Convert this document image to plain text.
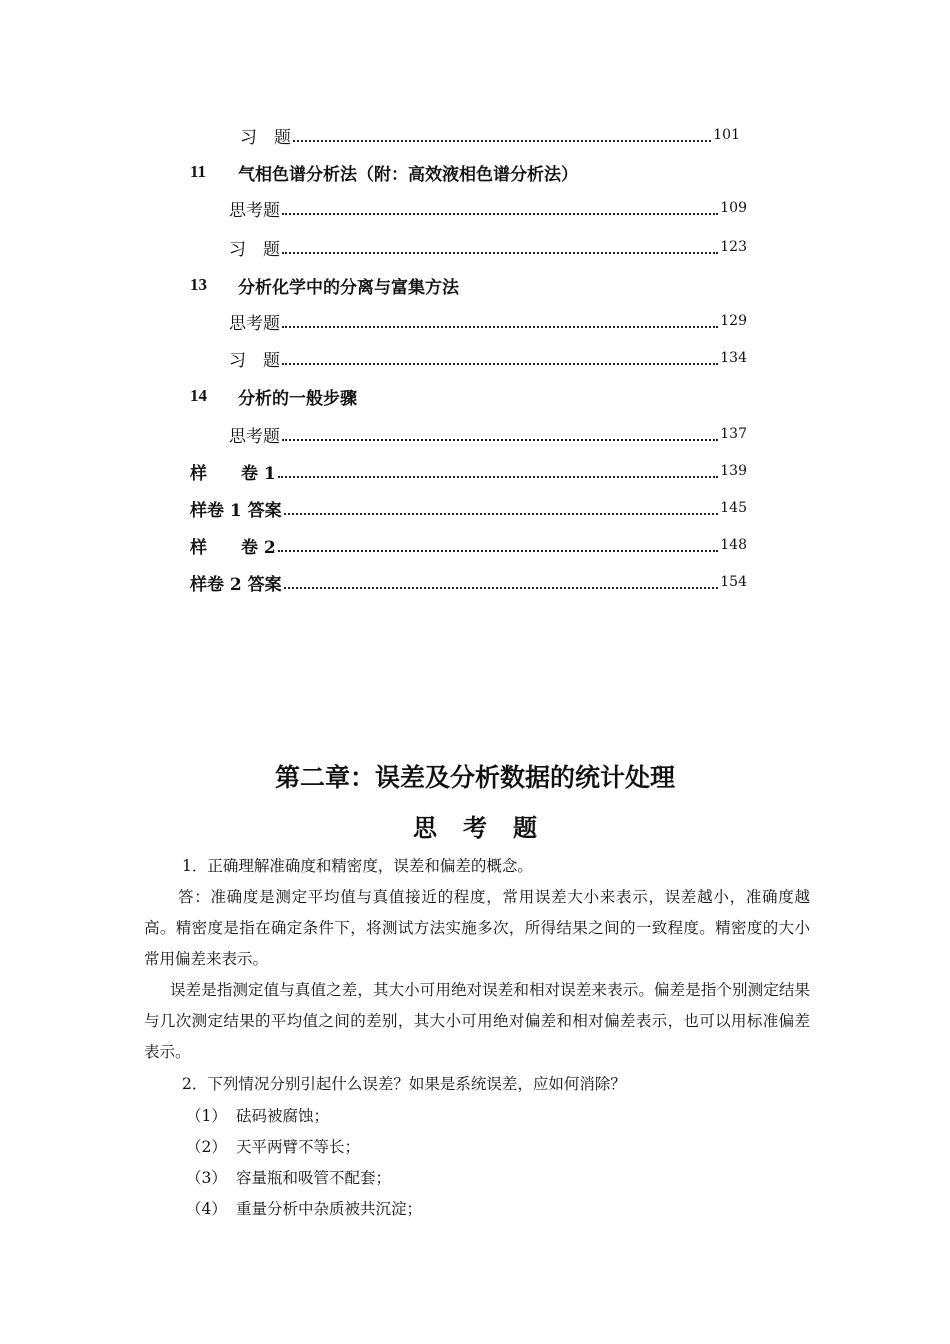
习　题	101
11	气相色谱分析法（附：高效液相色谱分析法）
思考题	109
习　题	123
13	分析化学中的分离与富集方法
思考题	129
习　题	134
14	分析的一般步骤
思考题	137
样　　卷 1	139
样卷 1 答案	145
样　　卷 2	148
样卷 2 答案	154
第二章：误差及分析数据的统计处理
思考题

1．正确理解准确度和精密度，误差和偏差的概念。

答：准确度是测定平均值与真值接近的程度，常用误差大小来表示，误差越小，准确度越高。精密度是指在确定条件下，将测试方法实施多次，所得结果之间的一致程度。精密度的大小常用偏差来表示。

误差是指测定值与真值之差，其大小可用绝对误差和相对误差来表示。偏差是指个别测定结果与几次测定结果的平均值之间的差别，其大小可用绝对偏差和相对偏差表示，也可以用标准偏差表示。

2．下列情况分别引起什么误差？如果是系统误差，应如何消除？

（1） 砝码被腐蚀；
（2） 天平两臂不等长；
（3） 容量瓶和吸管不配套；
（4） 重量分析中杂质被共沉淀；
